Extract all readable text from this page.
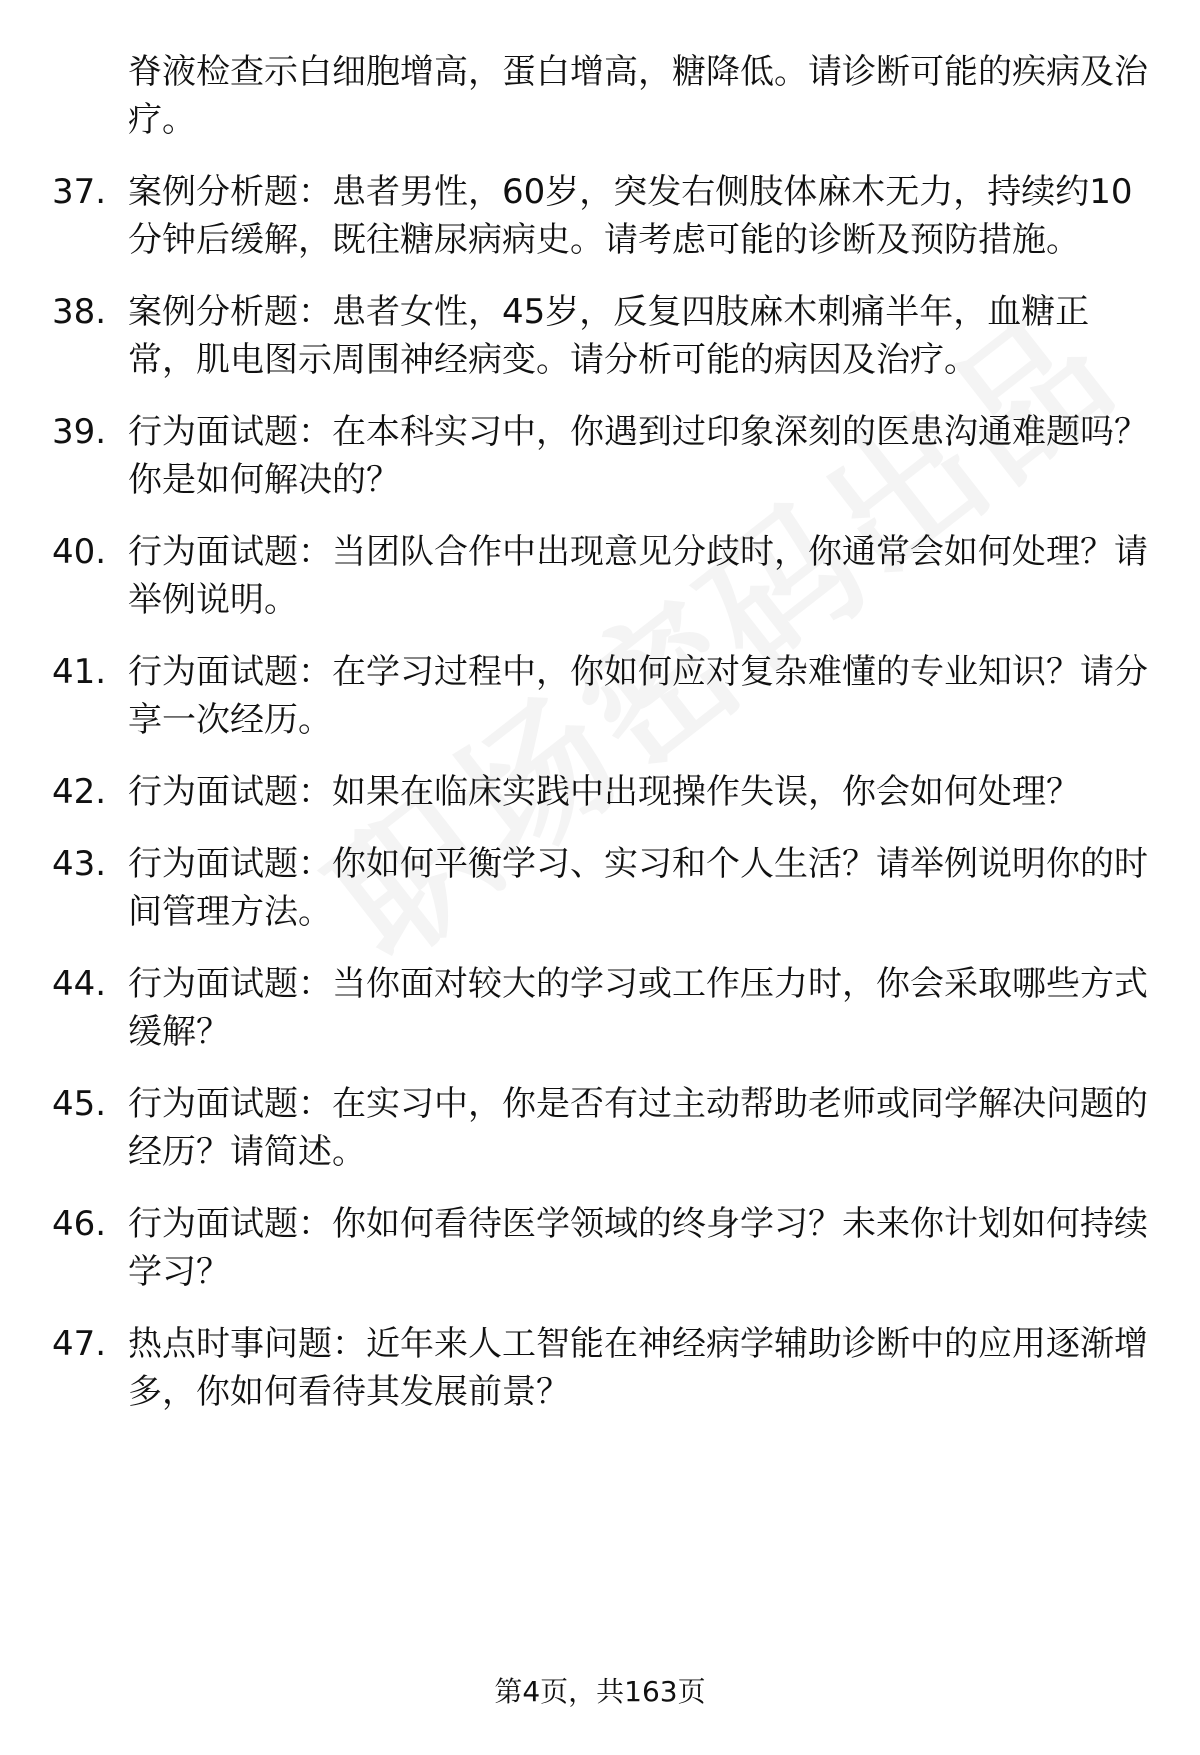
脊液检查示白细胞增高，蛋白增高，糖降低。请诊断可能的疾病及治疗。
37. 案例分析题：患者男性，60岁，突发右侧肢体麻木无力，持续约10分钟后缓解，既往糖尿病病史。请考虑可能的诊断及预防措施。
38. 案例分析题：患者女性，45岁，反复四肢麻木刺痛半年，血糖正常，肌电图示周围神经病变。请分析可能的病因及治疗。
39. 行为面试题：在本科实习中，你遇到过印象深刻的医患沟通难题吗？你是如何解决的？
40. 行为面试题：当团队合作中出现意见分歧时，你通常会如何处理？请举例说明。
41. 行为面试题：在学习过程中，你如何应对复杂难懂的专业知识？请分享一次经历。
42. 行为面试题：如果在临床实践中出现操作失误，你会如何处理？
43. 行为面试题：你如何平衡学习、实习和个人生活？请举例说明你的时间管理方法。
44. 行为面试题：当你面对较大的学习或工作压力时，你会采取哪些方式缓解？
45. 行为面试题：在实习中，你是否有过主动帮助老师或同学解决问题的经历？请简述。
46. 行为面试题：你如何看待医学领域的终身学习？未来你计划如何持续学习？
47. 热点时事问题：近年来人工智能在神经病学辅助诊断中的应用逐渐增多，你如何看待其发展前景？
第4页，共163页
